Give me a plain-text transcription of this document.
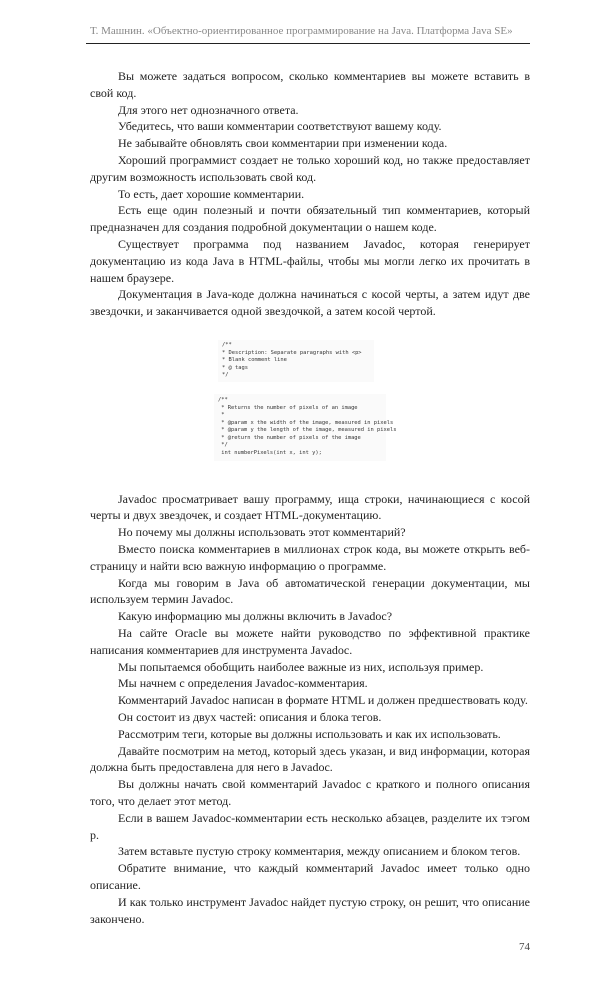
Т. Машнин. «Объектно-ориентированное программирование на Java. Платформа Java SE»

Вы можете задаться вопросом, сколько комментариев вы можете вставить в свой код.

Для этого нет однозначного ответа.

Убедитесь, что ваши комментарии соответствуют вашему коду.

Не забывайте обновлять свои комментарии при изменении кода.

Хороший программист создает не только хороший код, но также предоставляет другим возможность использовать свой код.

То есть, дает хорошие комментарии.

Есть еще один полезный и почти обязательный тип комментариев, который предназначен для создания подробной документации о нашем коде.

Существует программа под названием Javadoc, которая генерирует документацию из кода Java в HTML-файлы, чтобы мы могли легко их прочитать в нашем браузере.

Документация в Java-коде должна начинаться с косой черты, а затем идут две звездочки, и заканчивается одной звездочкой, а затем косой чертой.

/**
* Description: Separate paragraphs with <p>
* Blank comment line
* @ tags
*/
/**
* Returns the number of pixels of an image
*
* @param x the width of the image, measured in pixels
* @param y the length of the image, measured in pixels
* @return the number of pixels of the image
*/
int numberPixels(int x, int y);

Javadoc просматривает вашу программу, ища строки, начинающиеся с косой черты и двух звездочек, и создает HTML-документацию.

Но почему мы должны использовать этот комментарий?

Вместо поиска комментариев в миллионах строк кода, вы можете открыть веб-страницу и найти всю важную информацию о программе.

Когда мы говорим в Java об автоматической генерации документации, мы используем термин Javadoc.

Какую информацию мы должны включить в Javadoc?

На сайте Oracle вы можете найти руководство по эффективной практике написания комментариев для инструмента Javadoc.

Мы попытаемся обобщить наиболее важные из них, используя пример.

Мы начнем с определения Javadoc-комментария.

Комментарий Javadoc написан в формате HTML и должен предшествовать коду.

Он состоит из двух частей: описания и блока тегов.

Рассмотрим теги, которые вы должны использовать и как их использовать.

Давайте посмотрим на метод, который здесь указан, и вид информации, которая должна быть предоставлена для него в Javadoc.

Вы должны начать свой комментарий Javadoc с краткого и полного описания того, что делает этот метод.

Если в вашем Javadoc-комментарии есть несколько абзацев, разделите их тэгом p.

Затем вставьте пустую строку комментария, между описанием и блоком тегов.

Обратите внимание, что каждый комментарий Javadoc имеет только одно описание.

И как только инструмент Javadoc найдет пустую строку, он решит, что описание закончено.

74
